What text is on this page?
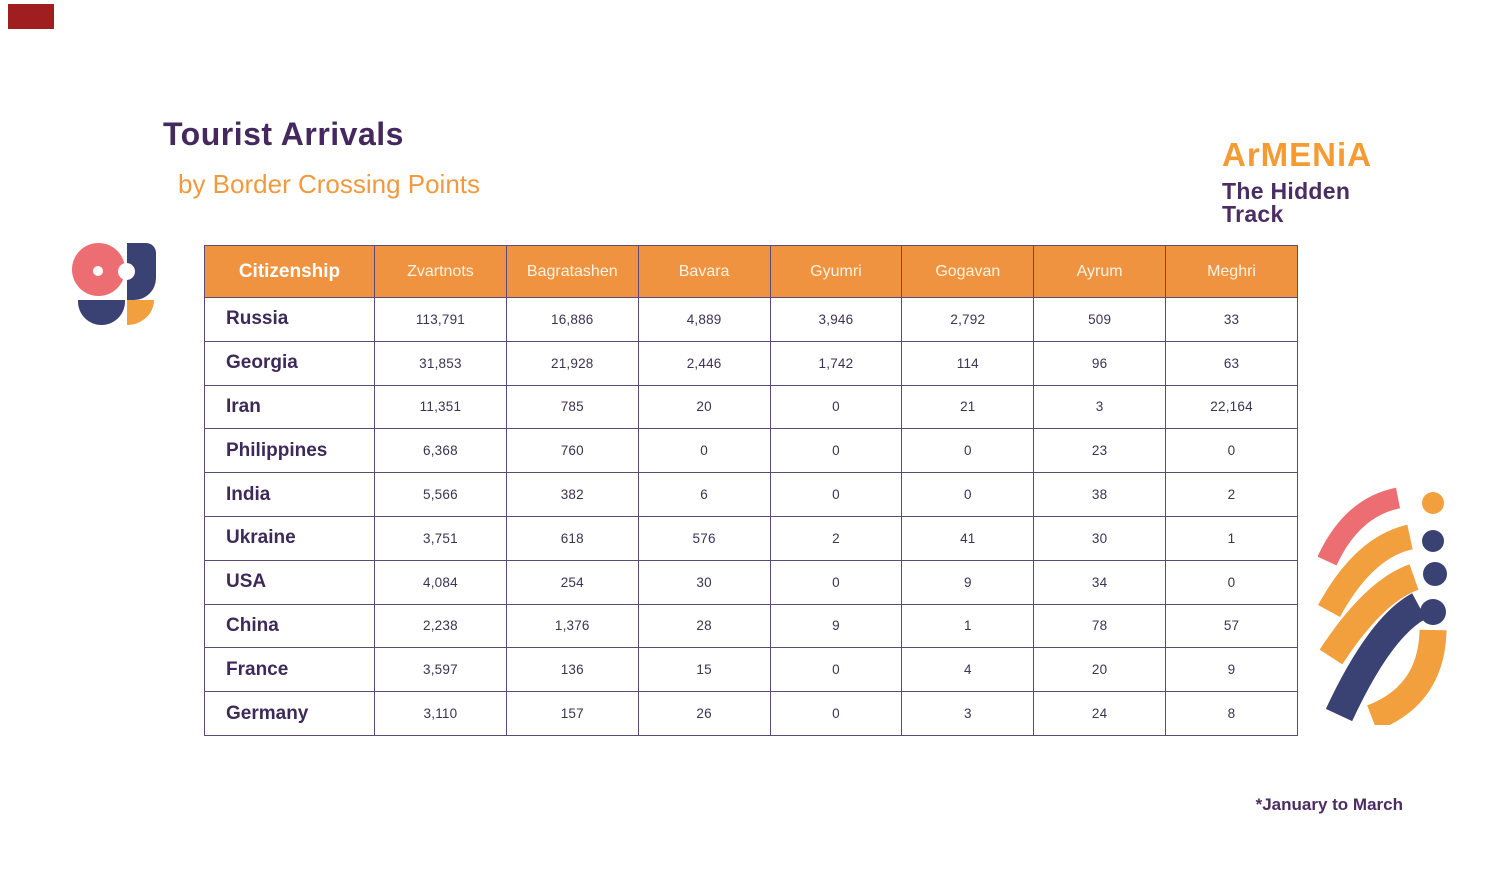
Tourist Arrivals
by Border Crossing Points
ArMENiA
The Hidden
Track
Citizenship	Zvartnots	Bagratashen	Bavara	Gyumri	Gogavan	Ayrum	Meghri
Russia	113,791	16,886	4,889	3,946	2,792	509	33
Georgia	31,853	21,928	2,446	1,742	114	96	63
Iran	11,351	785	20	0	21	3	22,164
Philippines	6,368	760	0	0	0	23	0
India	5,566	382	6	0	0	38	2
Ukraine	3,751	618	576	2	41	30	1
USA	4,084	254	30	0	9	34	0
China	2,238	1,376	28	9	1	78	57
France	3,597	136	15	0	4	20	9
Germany	3,110	157	26	0	3	24	8
*January to March
